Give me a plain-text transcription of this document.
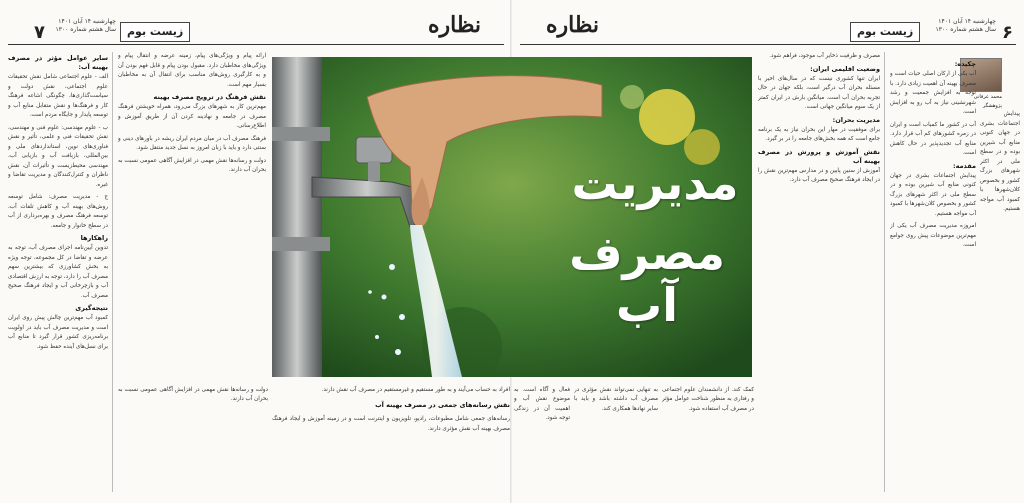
۷	زیست بوم	نظاره
چهارشنبه ۱۴ آبان ۱۴۰۱ سال هشتم شماره ۱۳۰۰
سایر عوامل مؤثر در مصرف بهینه آب:

الف - علوم اجتماعی شامل نقش تحقیقات علوم اجتماعی، نقش دولت و سیاست‌گذاری‌ها، چگونگی اشاعه فرهنگ کار و فرهنگ‌ها و نقش متقابل منابع آب و توسعه پایدار و جایگاه مردم است.

ب - علوم مهندسی: علوم فنی و مهندسی، نقش تحقیقات فنی و علمی، تأثیر و نقش فناوری‌های نوین، استانداردهای ملی و بین‌المللی، بازیافت آب و بازیابی آب، مهندسی محیط‌زیست و تأثیرات آن، نقش ناظران و کنترل‌کنندگان و مدیریت تقاضا و غیره.

ج - مدیریت مصرف: شامل توسعه روش‌های بهینه آب و کاهش تلفات آب، توسعه فرهنگ مصرف و بهره‌برداری از آب در سطح خانوار و جامعه.

راهکارها

تدوین آیین‌نامه اجرای مصرف آب، توجه به عرضه و تقاضا در کل مجموعه، توجه ویژه به بخش کشاورزی که بیشترین سهم مصرف آب را دارد، توجه به ارزش اقتصادی آب و بازچرخانی آب و ایجاد فرهنگ صحیح مصرف آب.

نتیجه‌گیری

کمبود آب مهم‌ترین چالش پیش روی ایران است و مدیریت مصرف آب باید در اولویت برنامه‌ریزی کشور قرار گیرد تا منابع آب برای نسل‌های آینده حفظ شود.

ارائه پیام و ویژگی‌های پیام، زمینه عرضه و انتقال پیام و ویژگی‌های مخاطبان دارد. مقبول بودن پیام و قابل فهم بودن آن و به کارگیری روش‌های مناسب برای انتقال آن به مخاطبان بسیار مهم است.

نقش فرهنگ در ترویج مصرف بهینه

مهم‌ترین کار به شهرهای بزرگ می‌رود، همراه خویشتن فرهنگ مصرف در جامعه و نهادینه کردن آن از طریق آموزش و اطلاع‌رسانی.

فرهنگ مصرف آب در میان مردم ایران ریشه در باورهای دینی و سنتی دارد و باید با زبان امروز به نسل جدید منتقل شود.

دولت و رسانه‌ها نقش مهمی در افزایش آگاهی عمومی نسبت به بحران آب دارند.

دولت و رسانه‌ها نقش مهمی در افزایش آگاهی عمومی نسبت به بحران آب دارند.

افراد به حساب می‌آیند و به طور مستقیم و غیرمستقیم در مصرف آب نقش دارند.

نقش رسانه‌های جمعی در مصرف بهینه آب

رسانه‌های جمعی شامل مطبوعات، رادیو، تلویزیون و اینترنت است و در زمینه آموزش و ایجاد فرهنگ مصرف بهینه آب نقش مؤثری دارند.

نظاره	زیست بوم
چهارشنبه ۱۴ آبان ۱۴۰۱ سال هشتم شماره ۱۳۰۰ ۶
محمد عرفانی
پژوهشگر
چکیده:

آب یکی از ارکان اصلی حیات است و مصرف بهینه آن اهمیت زیادی دارد. با توجه به افزایش جمعیت و رشد شهرنشینی نیاز به آب رو به افزایش است.

آب در کشور ما کمیاب است و ایران در زمره کشورهای کم آب قرار دارد. منابع آب تجدیدپذیر در حال کاهش است.

مقدمه:

پیدایش اجتماعات بشری در جهان کنونی منابع آب شیرین بوده و در سطح ملی در اکثر شهرهای بزرگ کشور و بخصوص کلان‌شهرها با کمبود آب مواجه هستیم.

امروزه مدیریت مصرف آب یکی از مهم‌ترین موضوعات پیش روی جوامع است.

پیدایش اجتماعات بشری در جهان کنونی منابع آب شیرین بوده و در سطح ملی در اکثر شهرهای بزرگ کشور و بخصوص کلان‌شهرها با کمبود آب مواجه هستیم.

مصرف و ظرفیت ذخایر آب موجود، فراهم شود.

وضعیت اقلیمی ایران:

ایران تنها کشوری نیست که در سال‌های اخیر با مسئله بحران آب درگیر است، بلکه جهان در حال تجربه بحران آب است. میانگین بارش در ایران کمتر از یک سوم میانگین جهانی است.

مدیریت بحران:

برای موفقیت در مهار این بحران نیاز به یک برنامه جامع است که همه بخش‌های جامعه را در بر گیرد.

نقش آموزش و پرورش در مصرف بهینه آب

آموزش از سنین پایین و در مدارس مهم‌ترین نقش را در ایجاد فرهنگ صحیح مصرف آب دارد.

کمک کند. از دانشمندان علوم اجتماعی و رفتاری به منظور شناخت عوامل مؤثر در مصرف آب استفاده شود.

به تنهایی نمی‌تواند نقش مؤثری در مصرف آب داشته باشد و باید با سایر نهادها همکاری کند.

فعال و آگاه است. به موضوع نقش آب و اهمیت آن در زندگی توجه شود.

مدیریت
مصرف آب
